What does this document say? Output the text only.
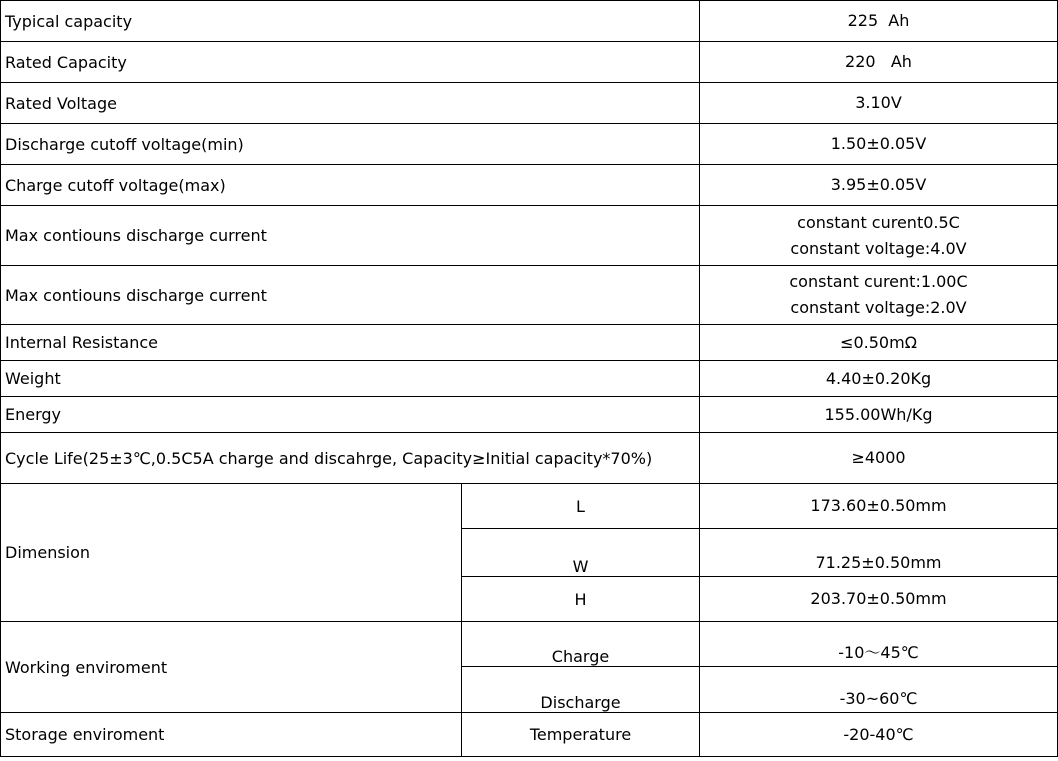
Typical capacity		225  Ah
Rated Capacity		220   Ah
Rated Voltage		3.10V
Discharge cutoff voltage(min)		1.50±0.05V
Charge cutoff voltage(max)		3.95±0.05V
Max contiouns discharge current		constant curent0.5C
constant voltage:4.0V

Max contiouns discharge current		constant curent:1.00C
constant voltage:2.0V

Internal Resistance		≤0.50mΩ
Weight		4.40±0.20Kg
Energy		155.00Wh/Kg
Cycle Life(25±3℃,0.5C5A charge and discahrge, Capacity≥Initial capacity*70%)		≥4000
Dimension	L	173.60±0.50mm
	W	71.25±0.50mm
	H	203.70±0.50mm
Working enviroment	Charge	-10～45℃
	Discharge	-30~60℃
Storage enviroment	Temperature	-20-40℃
